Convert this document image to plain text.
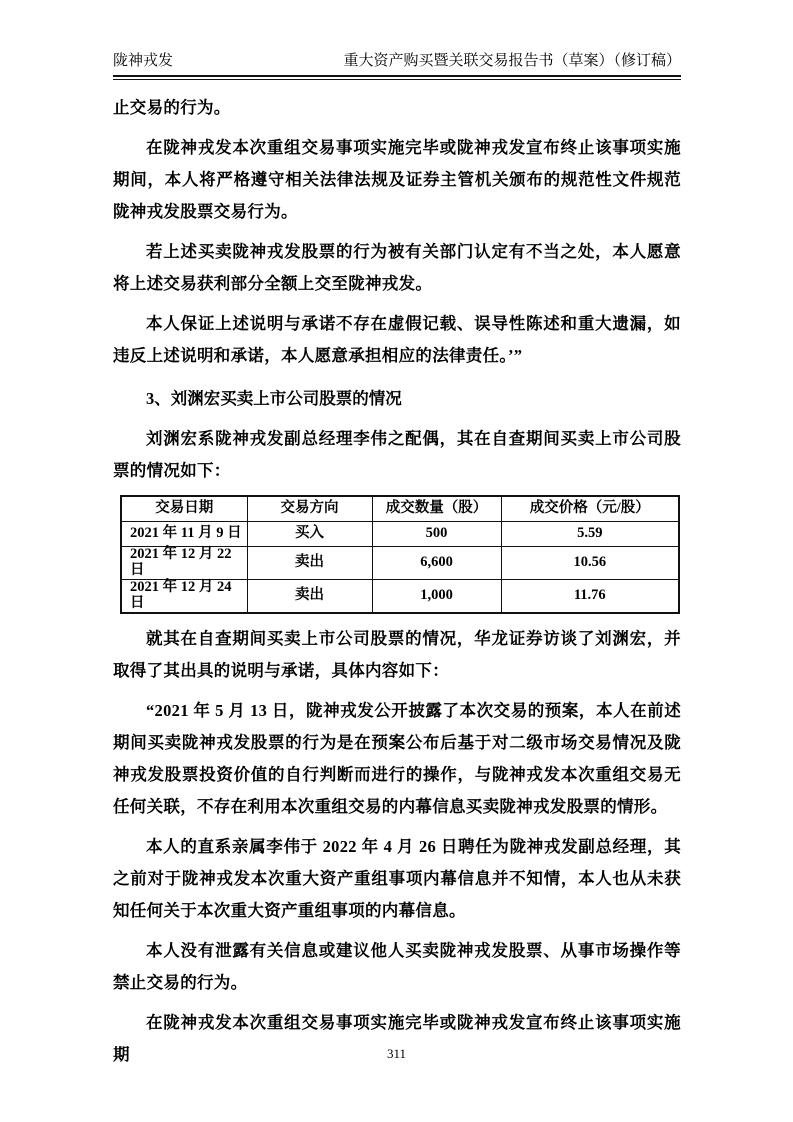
陇神戎发	重大资产购买暨关联交易报告书（草案）（修订稿）

止交易的行为。

在陇神戎发本次重组交易事项实施完毕或陇神戎发宣布终止该事项实施期间，本人将严格遵守相关法律法规及证券主管机关颁布的规范性文件规范陇神戎发股票交易行为。

若上述买卖陇神戎发股票的行为被有关部门认定有不当之处，本人愿意将上述交易获利部分全额上交至陇神戎发。

本人保证上述说明与承诺不存在虚假记载、误导性陈述和重大遗漏，如违反上述说明和承诺，本人愿意承担相应的法律责任。’”

3、刘渊宏买卖上市公司股票的情况

刘渊宏系陇神戎发副总经理李伟之配偶，其在自查期间买卖上市公司股票的情况如下：

交易日期	交易方向	成交数量（股）	成交价格（元/股）
2021 年 11 月 9 日	买入	500	5.59
2021 年 12 月 22 日	卖出	6,600	10.56
2021 年 12 月 24 日	卖出	1,000	11.76

就其在自查期间买卖上市公司股票的情况，华龙证券访谈了刘渊宏，并取得了其出具的说明与承诺，具体内容如下：

“2021 年 5 月 13 日，陇神戎发公开披露了本次交易的预案，本人在前述期间买卖陇神戎发股票的行为是在预案公布后基于对二级市场交易情况及陇神戎发股票投资价值的自行判断而进行的操作，与陇神戎发本次重组交易无任何关联，不存在利用本次重组交易的内幕信息买卖陇神戎发股票的情形。

本人的直系亲属李伟于 2022 年 4 月 26 日聘任为陇神戎发副总经理，其之前对于陇神戎发本次重大资产重组事项内幕信息并不知情，本人也从未获知任何关于本次重大资产重组事项的内幕信息。

本人没有泄露有关信息或建议他人买卖陇神戎发股票、从事市场操作等禁止交易的行为。

在陇神戎发本次重组交易事项实施完毕或陇神戎发宣布终止该事项实施期	311
